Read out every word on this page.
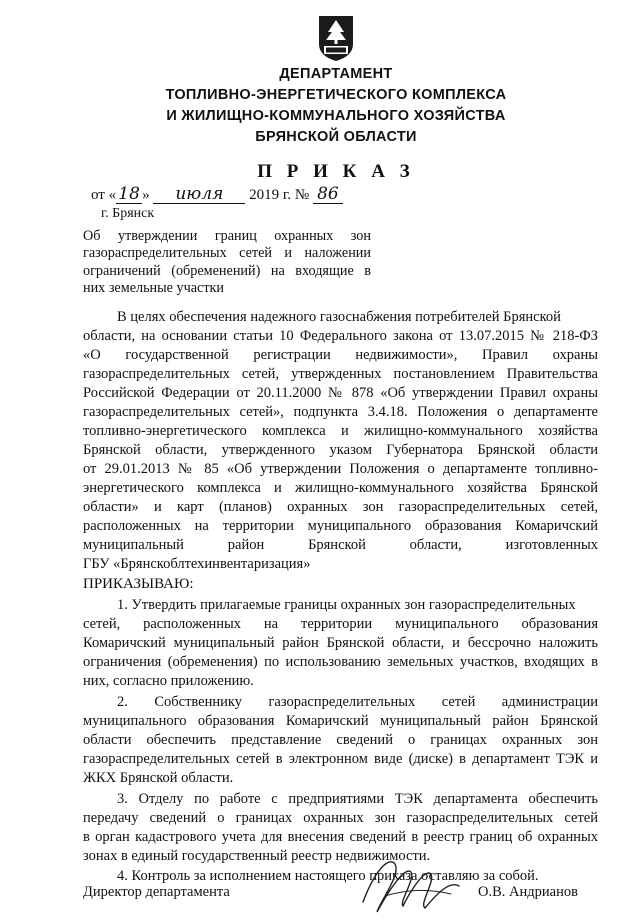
ДЕПАРТАМЕНТ
ТОПЛИВНО-ЭНЕРГЕТИЧЕСКОГО КОМПЛЕКСА
И ЖИЛИЩНО-КОММУНАЛЬНОГО ХОЗЯЙСТВА
БРЯНСКОЙ ОБЛАСТИ
П Р И К А З
от « 18 » июля 2019 г. № 86
г. Брянск
Об утверждении границ охранных зон
газораспределительных сетей и наложении
ограничений (обременений) на входящие в
них земельные участки
В целях обеспечения надежного газоснабжения потребителей Брянской
области, на основании статьи 10 Федерального закона от 13.07.2015 № 218-ФЗ
«О государственной регистрации недвижимости», Правил охраны
газораспределительных сетей, утвержденных постановлением Правительства
Российской Федерации от 20.11.2000 № 878 «Об утверждении Правил охраны
газораспределительных сетей», подпункта 3.4.18. Положения о департаменте
топливно-энергетического комплекса и жилищно-коммунального хозяйства
Брянской области, утвержденного указом Губернатора Брянской области
от 29.01.2013 № 85 «Об утверждении Положения о департаменте топливно-
энергетического комплекса и жилищно-коммунального хозяйства Брянской
области» и карт (планов) охранных зон газораспределительных сетей,
расположенных на территории муниципального образования Комаричский
муниципальный район Брянской области, изготовленных
ГБУ «Брянскоблтехинвентаризация»
ПРИКАЗЫВАЮ:
1. Утвердить прилагаемые границы охранных зон газораспределительных
сетей, расположенных на территории муниципального образования
Комаричский муниципальный район Брянской области, и бессрочно наложить
ограничения (обременения) по использованию земельных участков, входящих в
них, согласно приложению.
2. Собственнику газораспределительных сетей администрации
муниципального образования Комаричский муниципальный район Брянской
области обеспечить представление сведений о границах охранных зон
газораспределительных сетей в электронном виде (диске) в департамент ТЭК и
ЖКХ Брянской области.
3. Отделу по работе с предприятиями ТЭК департамента обеспечить
передачу сведений о границах охранных зон газораспределительных сетей
в орган кадастрового учета для внесения сведений в реестр границ об охранных
зонах в единый государственный реестр недвижимости.
4. Контроль за исполнением настоящего приказа оставляю за собой.
Директор департамента	О.В. Андрианов
